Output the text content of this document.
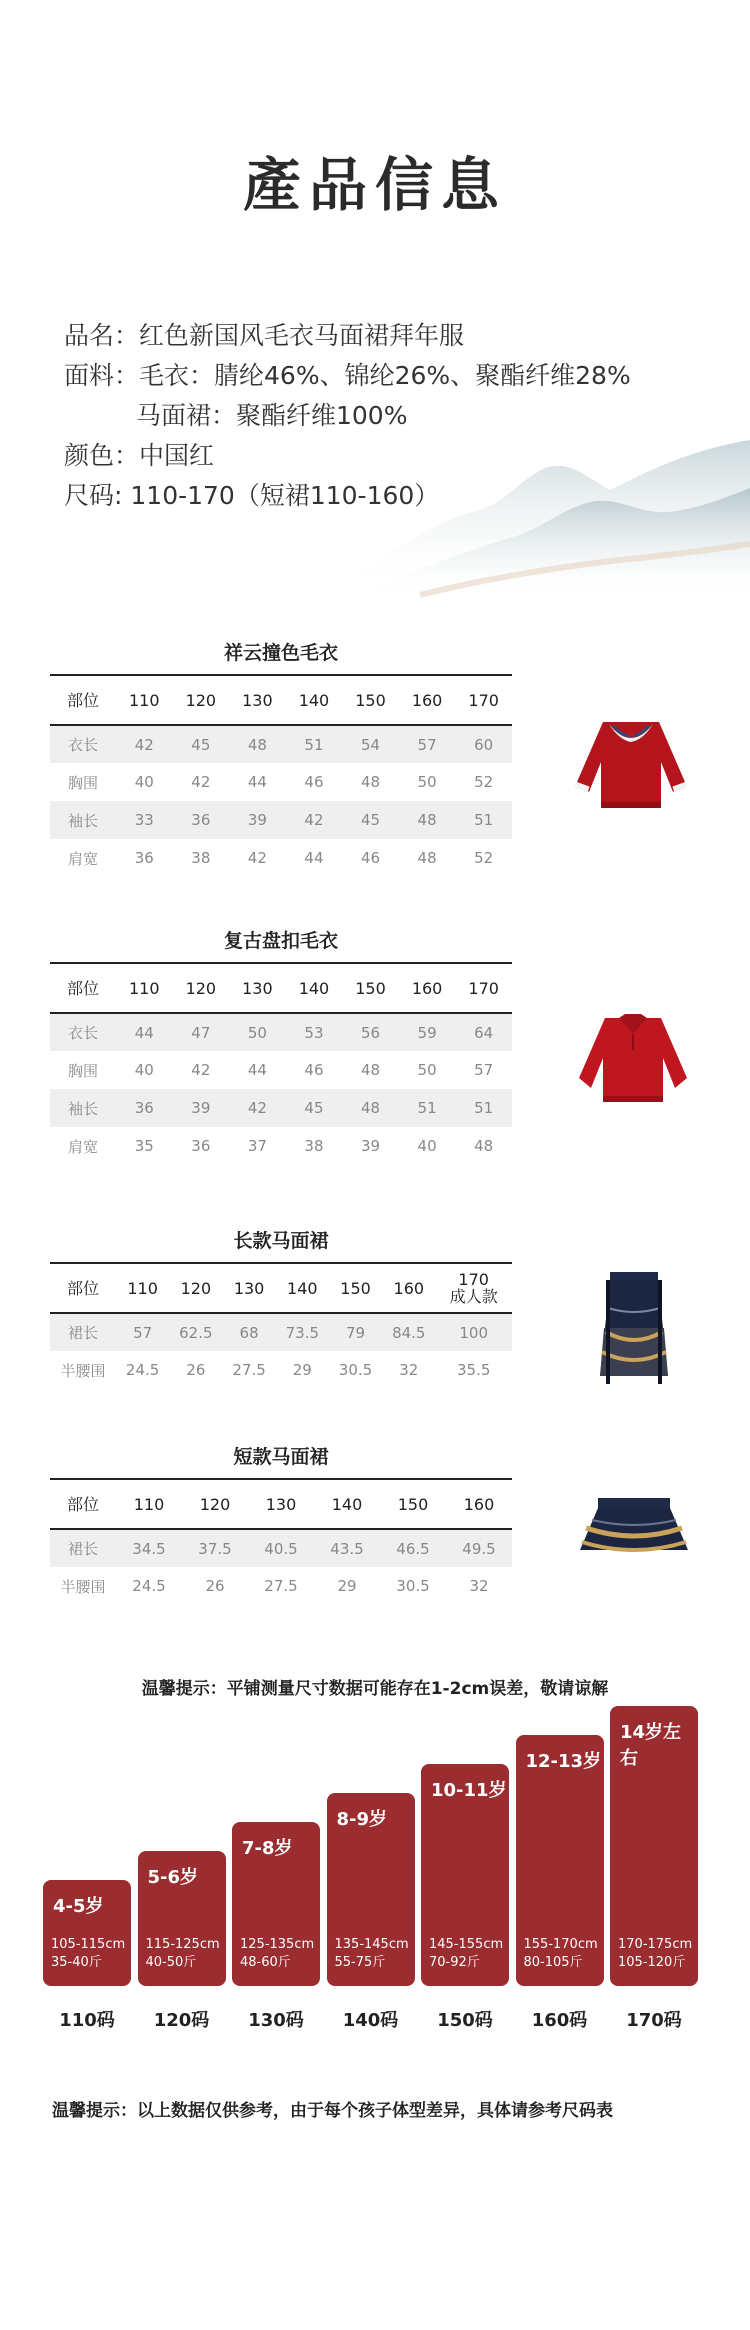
產品信息
品名： 红色新国风毛衣马面裙拜年服
面料： 毛衣：腈纶46%、锦纶26%、聚酯纤维28%
马面裙：聚酯纤维100%
颜色： 中国红
尺码: 110-170（短裙110-160）
祥云撞色毛衣
部位	110	120	130	140	150	160	170
衣长	42	45	48	51	54	57	60
胸围	40	42	44	46	48	50	52
袖长	33	36	39	42	45	48	51
肩宽	36	38	42	44	46	48	52
复古盘扣毛衣
部位	110	120	130	140	150	160	170
衣长	44	47	50	53	56	59	64
胸围	40	42	44	46	48	50	57
袖长	36	39	42	45	48	51	51
肩宽	35	36	37	38	39	40	48
长款马面裙
部位	110	120	130	140	150	160	170
成人款
裙长	57	62.5	68	73.5	79	84.5	100
半腰围	24.5	26	27.5	29	30.5	32	35.5
短款马面裙
部位	110	120	130	140	150	160
裙长	34.5	37.5	40.5	43.5	46.5	49.5
半腰围	24.5	26	27.5	29	30.5	32
温馨提示：平铺测量尺寸数据可能存在1-2cm误差，敬请谅解
4-5岁
105-115cm
35-40斤
110码
5-6岁
115-125cm
40-50斤
120码
7-8岁
125-135cm
48-60斤
130码
8-9岁
135-145cm
55-75斤
140码
10-11岁
145-155cm
70-92斤
150码
12-13岁
155-170cm
80-105斤
160码
14岁左右
170-175cm
105-120斤
170码
温馨提示：以上数据仅供参考，由于每个孩子体型差异，具体请参考尺码表
